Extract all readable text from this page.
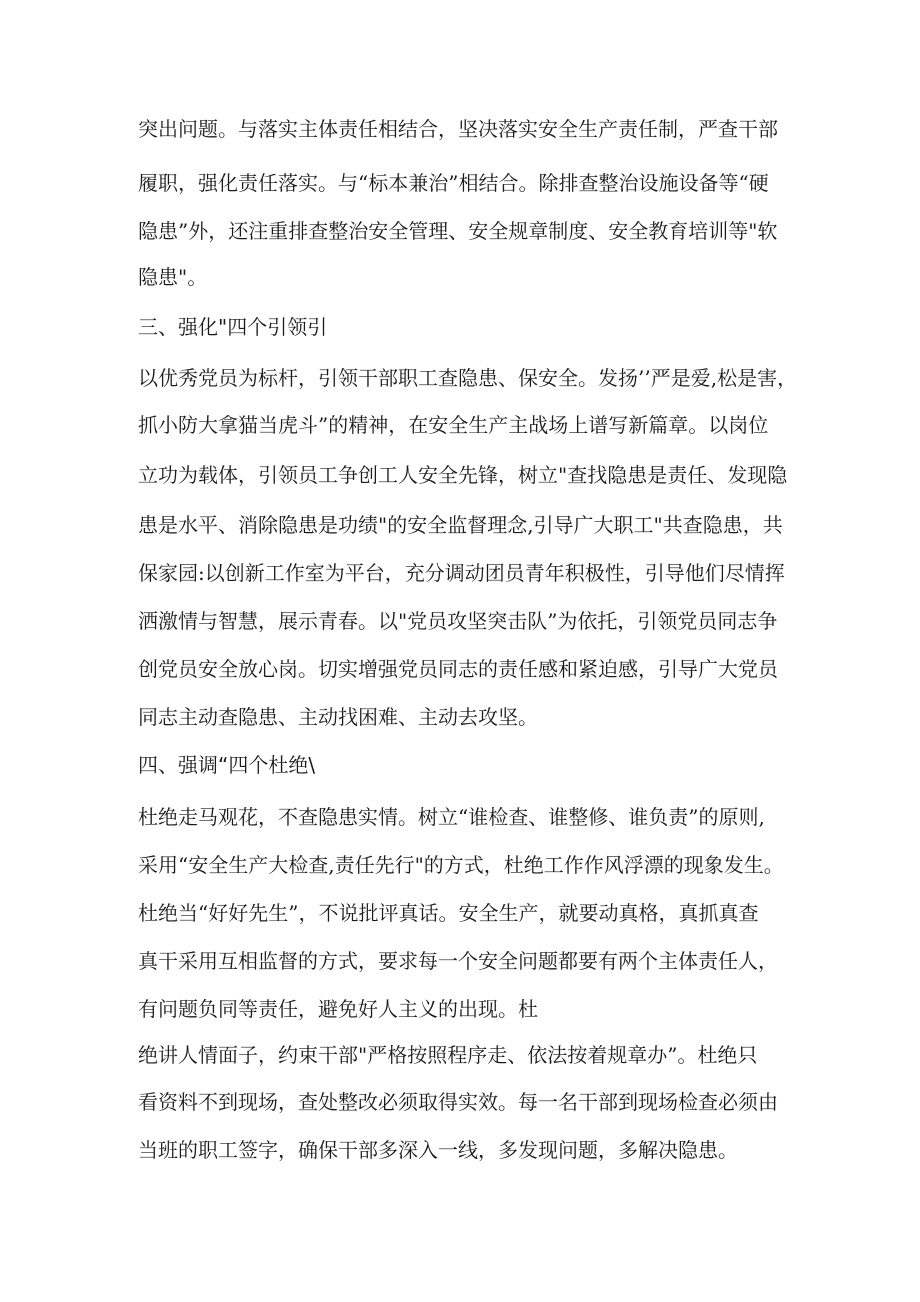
突出问题。与落实主体责任相结合，坚决落实安全生产责任制，严查干部
履职，强化责任落实。与“标本兼治”相结合。除排查整治设施设备等“硬
隐患”外，还注重排查整治安全管理、安全规章制度、安全教育培训等"软
隐患"。
三、强化"四个引领引
以优秀党员为标杆，引领干部职工查隐患、保安全。发扬’’严是爱,松是害，
抓小防大拿猫当虎斗”的精神，在安全生产主战场上谱写新篇章。以岗位
立功为载体，引领员工争创工人安全先锋，树立"查找隐患是责任、发现隐
患是水平、消除隐患是功绩"的安全监督理念,引导广大职工"共查隐患，共
保家园:以创新工作室为平台，充分调动团员青年积极性，引导他们尽情挥
洒激情与智慧，展示青春。以"党员攻坚突击队”为依托，引领党员同志争
创党员安全放心岗。切实增强党员同志的责任感和紧迫感，引导广大党员
同志主动查隐患、主动找困难、主动去攻坚。
四、强调“四个杜绝\
杜绝走马观花，不查隐患实情。树立“谁检查、谁整修、谁负责”的原则,
采用“安全生产大检查,责任先行"的方式，杜绝工作作风浮漂的现象发生。
杜绝当“好好先生”，不说批评真话。安全生产，就要动真格，真抓真查
真干采用互相监督的方式，要求每一个安全问题都要有两个主体责任人，
有问题负同等责任，避免好人主义的出现。杜
绝讲人情面子，约束干部"严格按照程序走、依法按着规章办”。杜绝只
看资料不到现场，查处整改必须取得实效。每一名干部到现场检查必须由
当班的职工签字，确保干部多深入一线，多发现问题，多解决隐患。
